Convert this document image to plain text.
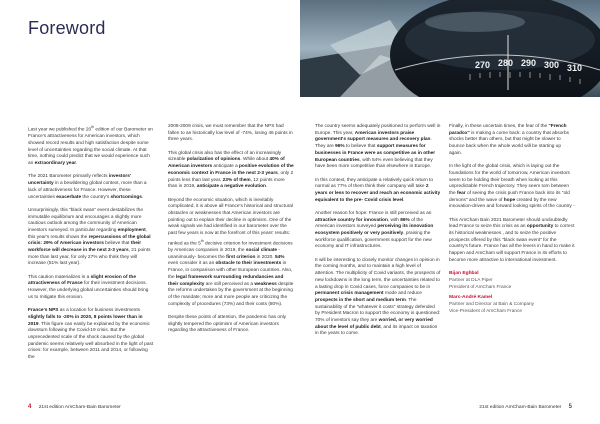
Foreword
270 280 290 300 310

Last year we published the 20th edition of our Barometer on France's attractiveness for American investors, which showed record results and high satisfaction despite some level of uncertainties regarding the social climate. At that time, nothing could predict that we would experience such an extraordinary year.

The 2021 Barometer primarily reflects investors' uncertainty in a bewildering global context, more than a lack of attractiveness for France. However, these uncertainties exacerbate the country's shortcomings.

Unsurprisingly, this "black swan" event destabilizes the immutable equilibrium and encourages a slightly more cautious outlook among the community of American investors surveyed. In particular regarding employment, this year's results shows the repercussions of the global crisis: 29% of American investors believe that their workforce will decrease in the next 2-3 years, 21 points more than last year, for only 27% who think they will increase (51% last year).

This caution materializes in a slight erosion of the attractiveness of France for their investment decisions. However, the underlying global uncertainties should bring us to mitigate this erosion.

France's NPS as a location for business investments slightly falls to -20% in 2020, 8 points lower than in 2019. This figure can easily be explained by the economic downturn following the Covid-19 crisis. But the unprecedented scale of the shock caused by the global pandemic seems relatively well absorbed in the light of past crises: for example, between 2011 and 2014, or following the

2008-2009 crisis, we must remember that the NPS had fallen to an historically low level of -74%, losing 46 points in three years.

This global crisis also has the effect of an increasingly sizeable polarization of opinions. While about 40% of American investors anticipate a positive evolution of the economic context in France in the next 2-3 years, only 2 points less than last year, 23% of them, 12 points more than in 2019, anticipate a negative evolution.

Beyond the economic situation, which is inevitably complicated, it is above all France's historical and structural obstacles or weaknesses that American investors are pointing out to explain their decline in optimism. One of the weak signals we had identified in our barometer over the past few years is now at the forefront of this years' results: ranked as the 5th decisive criterion for investment decisions by American companies in 2019, the social climate -unanimously- becomes the first criterion in 2020. 54% even consider it as an obstacle to their investments in France, in comparison with other European countries. Also, the legal framework surrounding redundancies and their complexity are still perceived as a weakness despite the reforms undertaken by the government at the beginning of the mandate; more and more people are criticizing the complexity of procedures (73%) and their costs (80%).

Despite these points of attention, the pandemic has only slightly tempered the optimism of American investors regarding the attractiveness of France.

The country seems adequately positioned to perform well in Europe. This year, American investors praise government's support measures and recovery plan. They are 96% to believe that support measures for businesses in France were as competitive as in other European countries, with 54% even believing that they have been more competitive than elsewhere in Europe.

In this context, they anticipate a relatively quick return to normal as 77% of them think their company will take 2 years or less to recover and reach an economic activity equivalent to the pre- Covid crisis level.

Another reason for hope: France is still perceived as an attractive country for innovation, with 86% of the American investors surveyed perceiving its innovation ecosystem positively or very positively, praising the workforce qualification, government support for the new economy and IT infrastructures.

It will be interesting to closely monitor changes in opinion in the coming months, and to maintain a high level of attention. The multiplicity of Covid variants, the prospects of new lockdowns in the long term, the uncertainties related to a lasting drop in Covid cases, force companies to be in permanent crisis management mode and reduce prospects in the short and medium term. The sustainability of the "whatever it costs" strategy defended by President Macron to support the economy is questioned: 70% of investors say they are worried, or very worried about the level of public debt, and its impact on taxation in the years to come.

Finally, in these uncertain times, the fear of the "French paradox" is making a come back: a country that absorbs shocks better than others, but that might be slower to bounce back when the whole world will be starting up again.

In the light of the global crisis, which is laying out the foundations for the world of tomorrow, American investors seem to be holding their breath when looking at this unpredictable French trajectory. They seem torn between the fear of seeing the crisis push France back into its "old demons" and the wave of hope created by the new innovation-driven and forward looking spirits of the country -

This AmCham Bain 2021 Barometer should undoubtedly lead France to seize this crisis as an opportunity to correct its historical weaknesses , and to seize the positive prospects offered by this "black swan event" for the country's future. France has all the levers in hand to make it happen and AmCham will support France in its efforts to become more attractive to international investment.

Bijan Eghbal
Partner at DLA Piper
President of AmCham France
Marc-André Kamel
Partner and Director at Bain & Company
Vice-President of AmCham France
4 21st edition AmCham-Bain Barometer	21st edition AmCham-Bain Barometer 5
